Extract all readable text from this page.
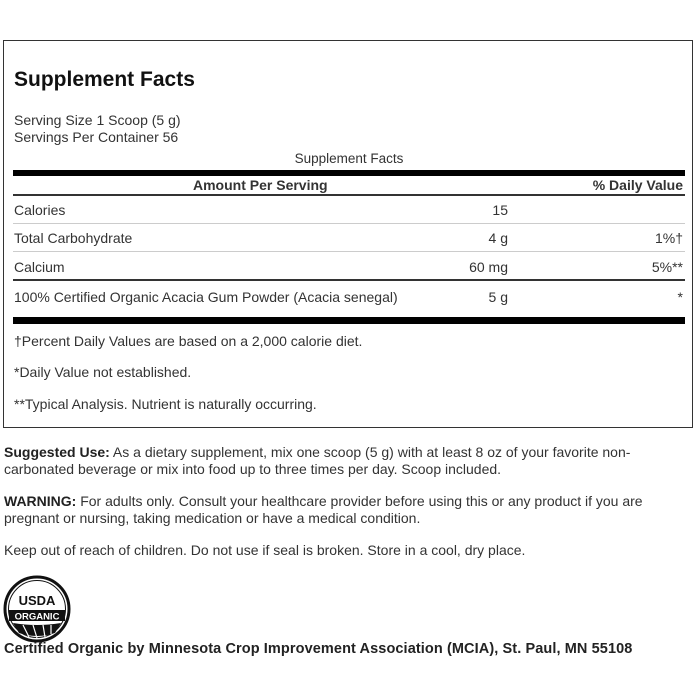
Supplement Facts
Serving Size 1 Scoop (5 g)
Servings Per Container 56
Supplement Facts
Amount Per Serving	% Daily Value
Calories	15
Total Carbohydrate	4 g	1%†
Calcium	60 mg	5%**
100% Certified Organic Acacia Gum Powder (Acacia senegal)	5 g	*
†Percent Daily Values are based on a 2,000 calorie diet.
*Daily Value not established.
**Typical Analysis. Nutrient is naturally occurring.
Suggested Use: As a dietary supplement, mix one scoop (5 g) with at least 8 oz of your favorite non-carbonated beverage or mix into food up to three times per day. Scoop included.
WARNING: For adults only. Consult your healthcare provider before using this or any product if you are pregnant or nursing, taking medication or have a medical condition.
Keep out of reach of children. Do not use if seal is broken. Store in a cool, dry place.
USDA
ORGANIC
Certified Organic by Minnesota Crop Improvement Association (MCIA), St. Paul, MN 55108
